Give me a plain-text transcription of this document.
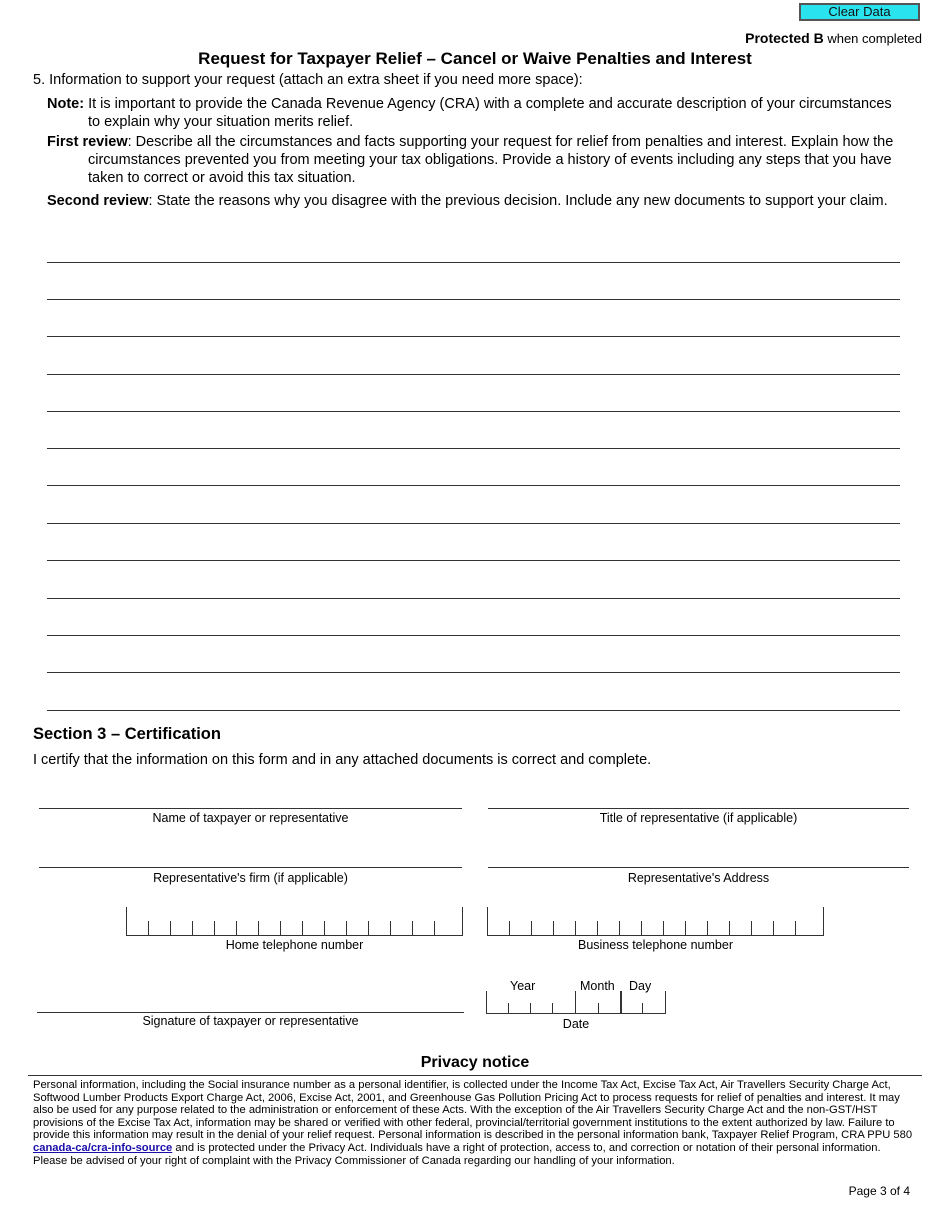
Clear Data
Protected B when completed
Request for Taxpayer Relief – Cancel or Waive Penalties and Interest
5. Information to support your request (attach an extra sheet if you need more space):
Note: It is important to provide the Canada Revenue Agency (CRA) with a complete and accurate description of your circumstances to explain why your situation merits relief.
First review: Describe all the circumstances and facts supporting your request for relief from penalties and interest. Explain how the circumstances prevented you from meeting your tax obligations. Provide a history of events including any steps that you have taken to correct or avoid this tax situation.
Second review: State the reasons why you disagree with the previous decision. Include any new documents to support your claim.
Section 3 – Certification
I certify that the information on this form and in any attached documents is correct and complete.
Name of taxpayer or representative	Title of representative (if applicable)
Representative's firm (if applicable)	Representative's Address
Home telephone number	Business telephone number
Signature of taxpayer or representative
Year	Month Day
Date
Privacy notice
Personal information, including the Social insurance number as a personal identifier, is collected under the Income Tax Act, Excise Tax Act, Air Travellers Security Charge Act, Softwood Lumber Products Export Charge Act, 2006, Excise Act, 2001, and Greenhouse Gas Pollution Pricing Act to process requests for relief of penalties and interest. It may also be used for any purpose related to the administration or enforcement of these Acts. With the exception of the Air Travellers Security Charge Act and the non-GST/HST provisions of the Excise Tax Act, information may be shared or verified with other federal, provincial/territorial government institutions to the extent authorized by law. Failure to provide this information may result in the denial of your relief request. Personal information is described in the personal information bank, Taxpayer Relief Program, CRA PPU 580 canada-ca/cra-info-source and is protected under the Privacy Act. Individuals have a right of protection, access to, and correction or notation of their personal information. Please be advised of your right of complaint with the Privacy Commissioner of Canada regarding our handling of your information.
Page 3 of 4
